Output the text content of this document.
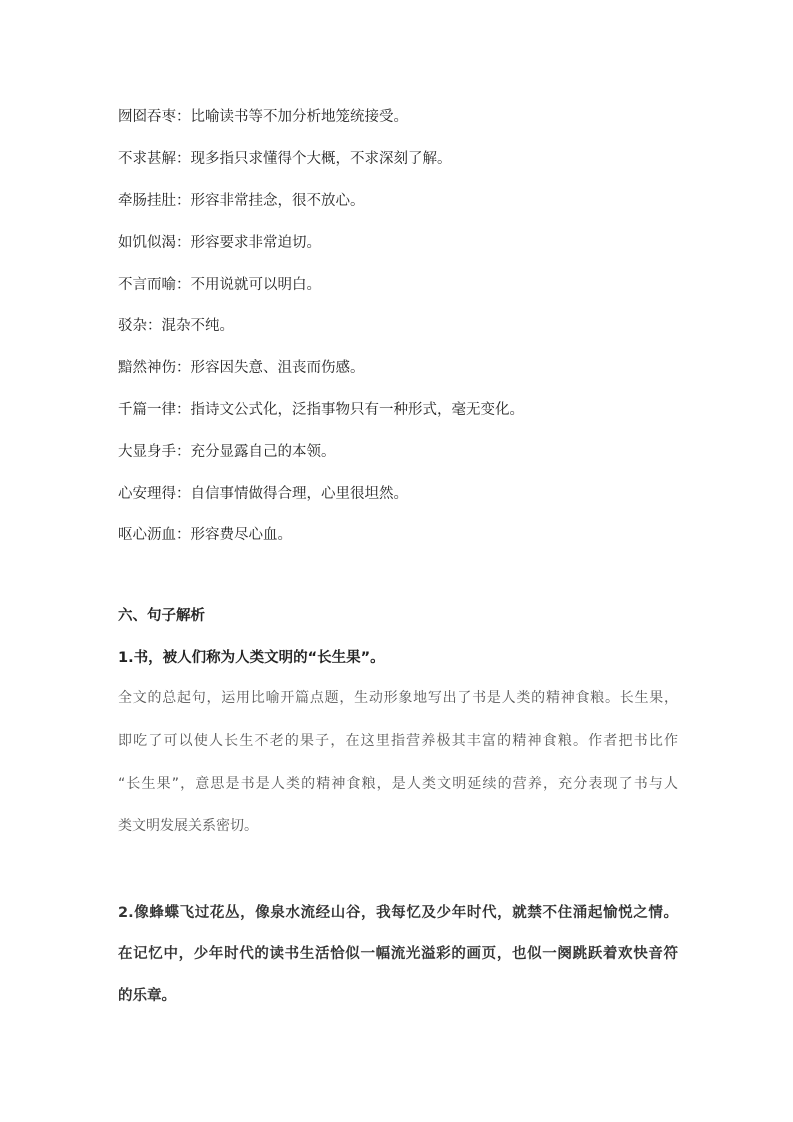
囫囵吞枣：比喻读书等不加分析地笼统接受。
不求甚解：现多指只求懂得个大概，不求深刻了解。
牵肠挂肚：形容非常挂念，很不放心。
如饥似渴：形容要求非常迫切。
不言而喻：不用说就可以明白。
驳杂：混杂不纯。
黯然神伤：形容因失意、沮丧而伤感。
千篇一律：指诗文公式化，泛指事物只有一种形式，毫无变化。
大显身手：充分显露自己的本领。
心安理得：自信事情做得合理，心里很坦然。
呕心沥血：形容费尽心血。
六、句子解析
1.书，被人们称为人类文明的“长生果”。
全文的总起句，运用比喻开篇点题，生动形象地写出了书是人类的精神食粮。长生果，
即吃了可以使人长生不老的果子，在这里指营养极其丰富的精神食粮。作者把书比作
“长生果”，意思是书是人类的精神食粮，是人类文明延续的营养，充分表现了书与人
类文明发展关系密切。
2.像蜂蝶飞过花丛，像泉水流经山谷，我每忆及少年时代，就禁不住涌起愉悦之情。
在记忆中，少年时代的读书生活恰似一幅流光溢彩的画页，也似一阕跳跃着欢快音符
的乐章。
